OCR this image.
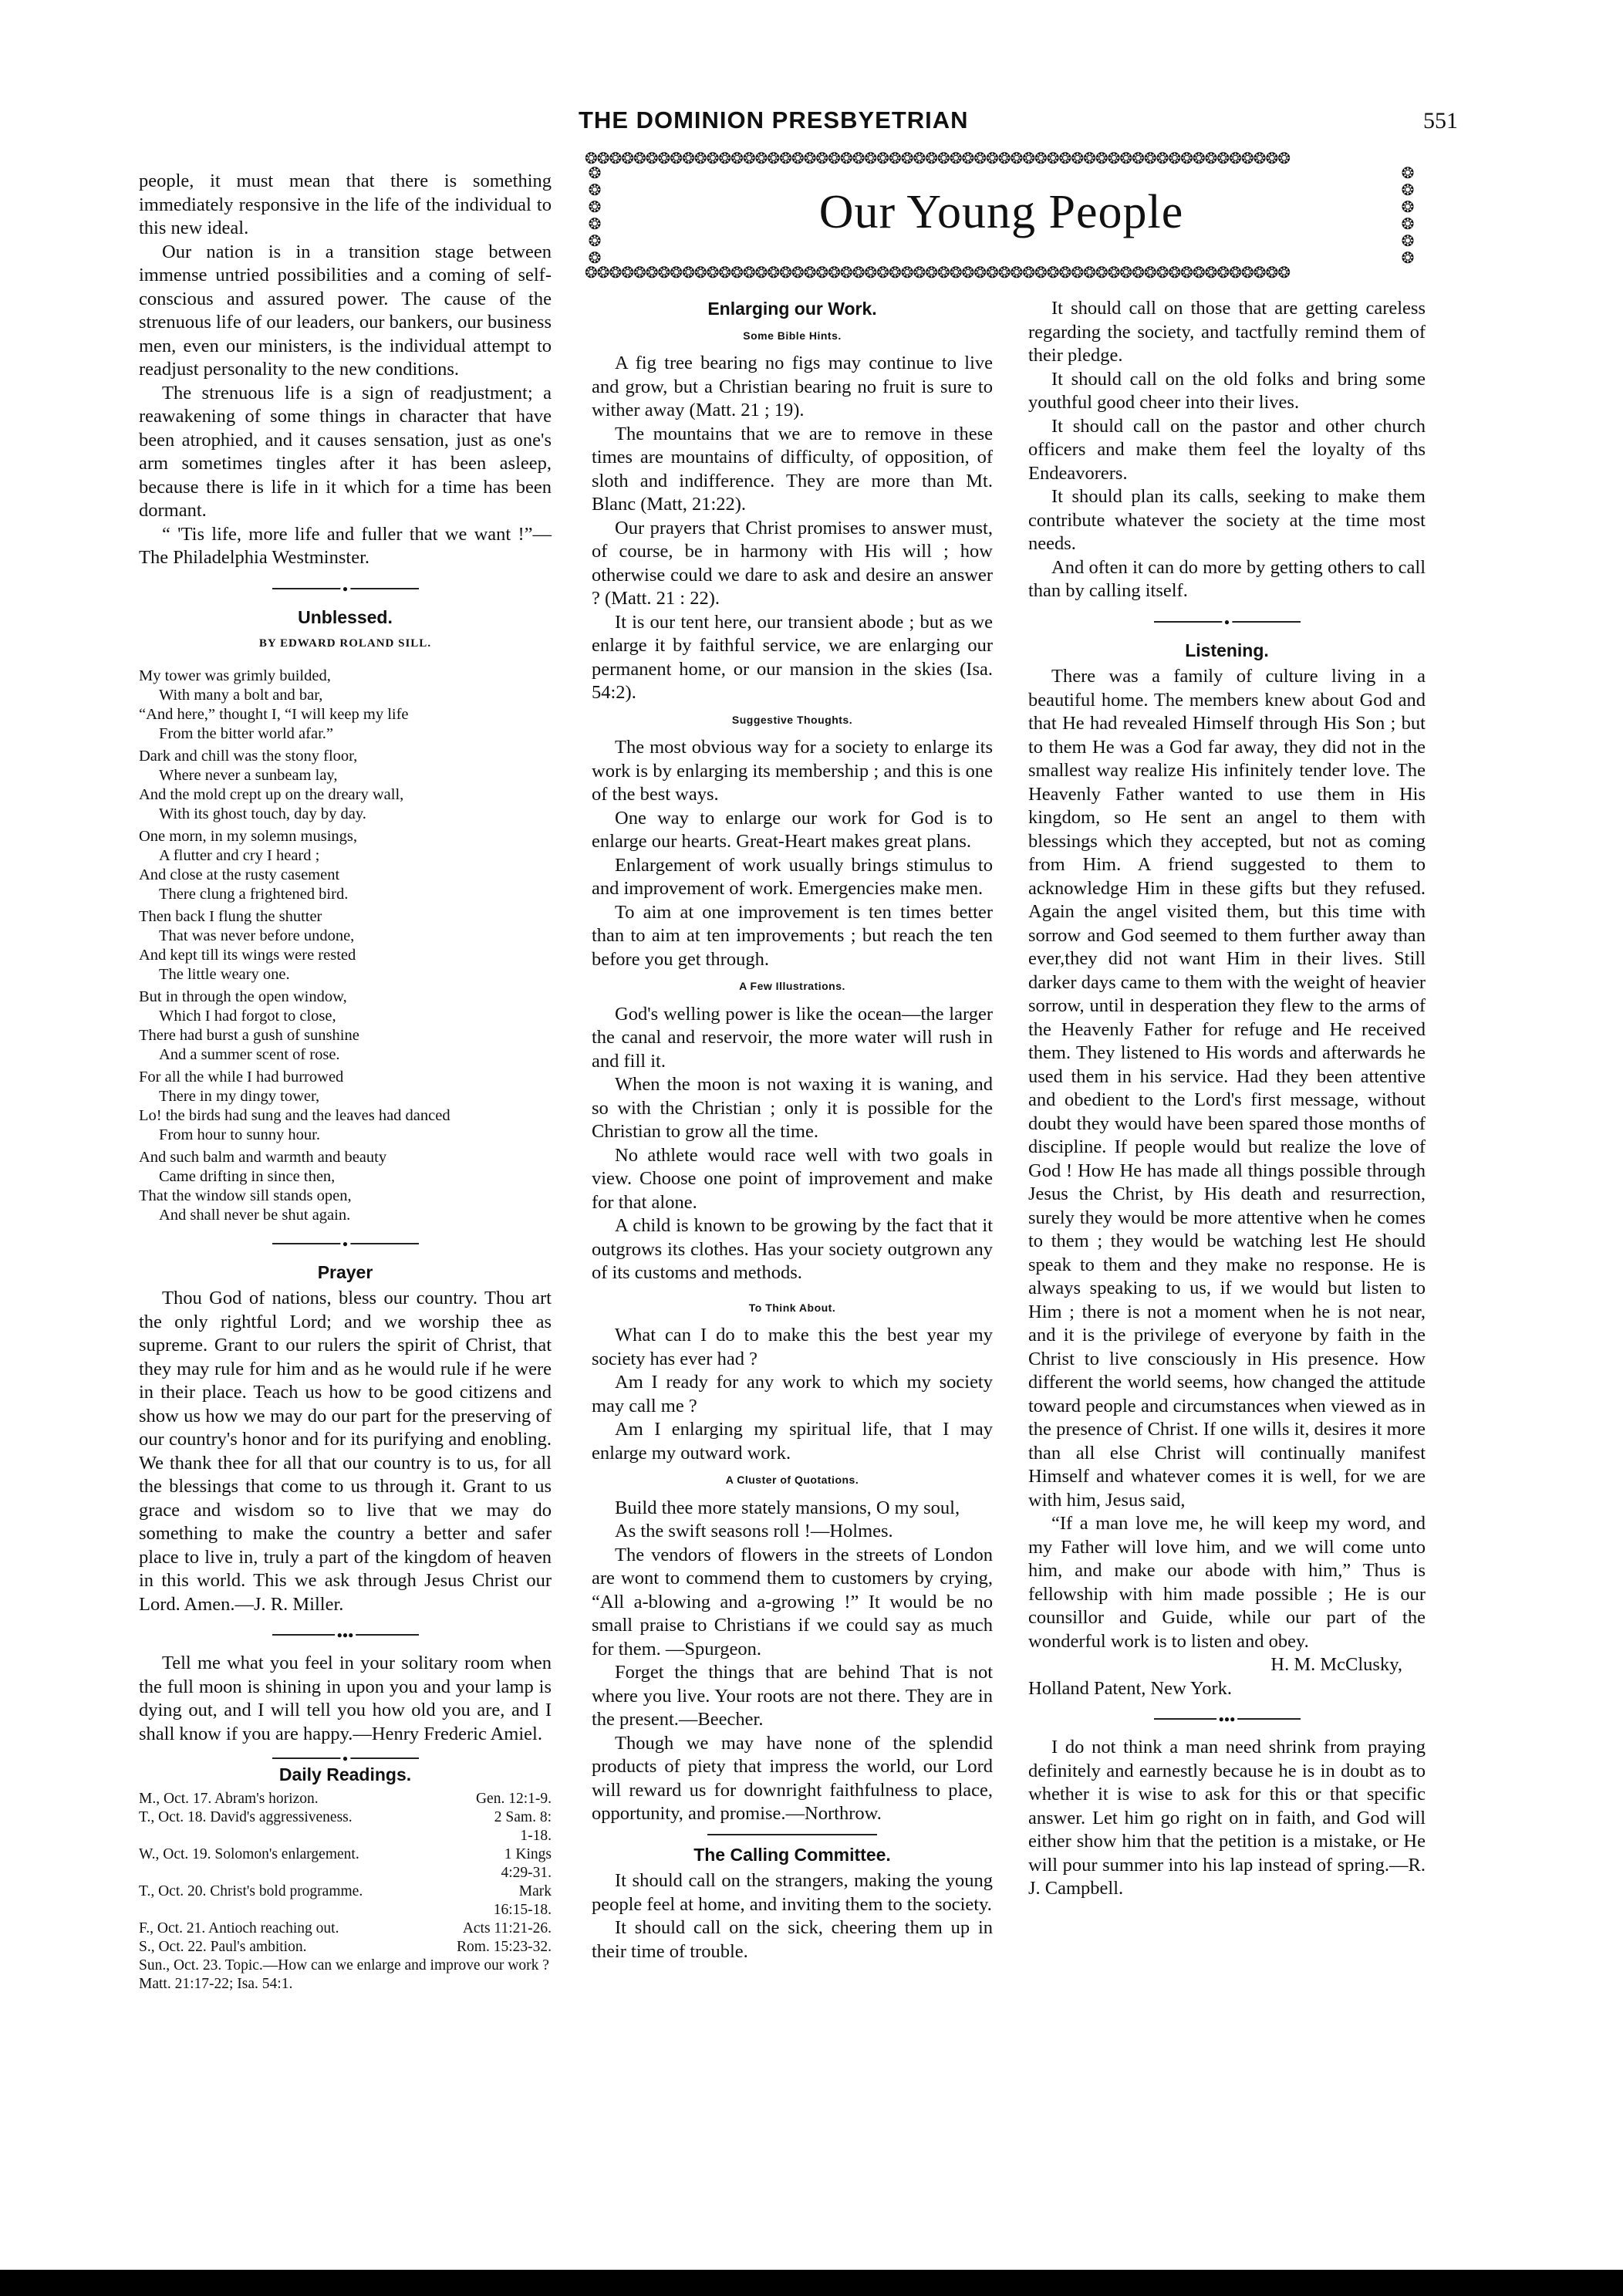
THE DOMINION PRESBYETRIAN	551
❂❂❂❂❂❂❂❂❂❂❂❂❂❂❂❂❂❂❂❂❂❂❂❂❂❂❂❂❂❂❂❂❂❂❂❂❂❂❂❂❂❂❂❂❂❂❂❂❂❂❂❂❂❂❂❂❂❂
❂
❂
❂
❂
❂
❂
❂
❂
❂
❂
❂
❂
❂❂❂❂❂❂❂❂❂❂❂❂❂❂❂❂❂❂❂❂❂❂❂❂❂❂❂❂❂❂❂❂❂❂❂❂❂❂❂❂❂❂❂❂❂❂❂❂❂❂❂❂❂❂❂❂❂❂
Our Young People

people, it must mean that there is something immediately responsive in the life of the individual to this new ideal.

Our nation is in a transition stage between immense untried possibilities and a coming of self-conscious and assured power. The cause of the strenuous life of our leaders, our bankers, our business men, even our ministers, is the individual attempt to readjust personality to the new conditions.

The strenuous life is a sign of readjustment; a reawakening of some things in character that have been atrophied, and it causes sensation, just as one's arm sometimes tingles after it has been asleep, because there is life in it which for a time has been dormant.

“ 'Tis life, more life and fuller that we want !”—The Philadelphia Westminster.

●
Unblessed.
BY EDWARD ROLAND SILL.
My tower was grimly builded,
With many a bolt and bar,
“And here,” thought I, “I will keep my life
From the bitter world afar.”
Dark and chill was the stony floor,
Where never a sunbeam lay,
And the mold crept up on the dreary wall,
With its ghost touch, day by day.
One morn, in my solemn musings,
A flutter and cry I heard ;
And close at the rusty casement
There clung a frightened bird.
Then back I flung the shutter
That was never before undone,
And kept till its wings were rested
The little weary one.
But in through the open window,
Which I had forgot to close,
There had burst a gush of sunshine
And a summer scent of rose.
For all the while I had burrowed
There in my dingy tower,
Lo! the birds had sung and the leaves had danced
From hour to sunny hour.
And such balm and warmth and beauty
Came drifting in since then,
That the window sill stands open,
And shall never be shut again.
●
Prayer

Thou God of nations, bless our country. Thou art the only rightful Lord; and we worship thee as supreme. Grant to our rulers the spirit of Christ, that they may rule for him and as he would rule if he were in their place. Teach us how to be good citizens and show us how we may do our part for the preserving of our country's honor and for its purifying and enobling. We thank thee for all that our country is to us, for all the blessings that come to us through it. Grant to us grace and wisdom so to live that we may do something to make the country a better and safer place to live in, truly a part of the kingdom of heaven in this world. This we ask through Jesus Christ our Lord. Amen.—J. R. Miller.

●●●

Tell me what you feel in your solitary room when the full moon is shining in upon you and your lamp is dying out, and I will tell you how old you are, and I shall know if you are happy.—Henry Frederic Amiel.

●
Daily Readings.
M., Oct. 17. Abram's horizon.	Gen. 12:1-9.
T., Oct. 18. David's aggressiveness.	2 Sam. 8:
1-18.
W., Oct. 19. Solomon's enlargement.	1 Kings
4:29-31.
T., Oct. 20. Christ's bold programme.	Mark
16:15-18.
F., Oct. 21. Antioch reaching out.	Acts 11:21-26.
S., Oct. 22. Paul's ambition.	Rom. 15:23-32.
Sun., Oct. 23. Topic.—How can we enlarge and improve our work ? Matt. 21:17-22; Isa. 54:1.
Enlarging our Work.
Some Bible Hints.

A fig tree bearing no figs may continue to live and grow, but a Christian bearing no fruit is sure to wither away (Matt. 21 ; 19).

The mountains that we are to remove in these times are mountains of difficulty, of opposition, of sloth and indifference. They are more than Mt. Blanc (Matt, 21:22).

Our prayers that Christ promises to answer must, of course, be in harmony with His will ; how otherwise could we dare to ask and desire an answer ? (Matt. 21 : 22).

It is our tent here, our transient abode ; but as we enlarge it by faithful service, we are enlarging our permanent home, or our mansion in the skies (Isa. 54:2).

Suggestive Thoughts.

The most obvious way for a society to enlarge its work is by enlarging its membership ; and this is one of the best ways.

One way to enlarge our work for God is to enlarge our hearts. Great-Heart makes great plans.

Enlargement of work usually brings stimulus to and improvement of work. Emergencies make men.

To aim at one improvement is ten times better than to aim at ten improvements ; but reach the ten before you get through.

A Few Illustrations.

God's welling power is like the ocean—the larger the canal and reservoir, the more water will rush in and fill it.

When the moon is not waxing it is waning, and so with the Christian ; only it is possible for the Christian to grow all the time.

No athlete would race well with two goals in view. Choose one point of improvement and make for that alone.

A child is known to be growing by the fact that it outgrows its clothes. Has your society outgrown any of its customs and methods.

To Think About.

What can I do to make this the best year my society has ever had ?

Am I ready for any work to which my society may call me ?

Am I enlarging my spiritual life, that I may enlarge my outward work.

A Cluster of Quotations.

Build thee more stately mansions, O my soul,

As the swift seasons roll !—Holmes.

The vendors of flowers in the streets of London are wont to commend them to customers by crying, “All a-blowing and a-growing !” It would be no small praise to Christians if we could say as much for them. —Spurgeon.

Forget the things that are behind That is not where you live. Your roots are not there. They are in the present.—Beecher.

Though we may have none of the splendid products of piety that impress the world, our Lord will reward us for downright faithfulness to place, opportunity, and promise.—Northrow.

The Calling Committee.

It should call on the strangers, making the young people feel at home, and inviting them to the society.

It should call on the sick, cheering them up in their time of trouble.

It should call on those that are getting careless regarding the society, and tactfully remind them of their pledge.

It should call on the old folks and bring some youthful good cheer into their lives.

It should call on the pastor and other church officers and make them feel the loyalty of ths Endeavorers.

It should plan its calls, seeking to make them contribute whatever the society at the time most needs.

And often it can do more by getting others to call than by calling itself.

●
Listening.

There was a family of culture living in a beautiful home. The members knew about God and that He had revealed Himself through His Son ; but to them He was a God far away, they did not in the smallest way realize His infinitely tender love. The Heavenly Father wanted to use them in His kingdom, so He sent an angel to them with blessings which they accepted, but not as coming from Him. A friend suggested to them to acknowledge Him in these gifts but they refused. Again the angel visited them, but this time with sorrow and God seemed to them further away than ever,they did not want Him in their lives. Still darker days came to them with the weight of heavier sorrow, until in desperation they flew to the arms of the Heavenly Father for refuge and He received them. They listened to His words and afterwards he used them in his service. Had they been attentive and obedient to the Lord's first message, without doubt they would have been spared those months of discipline. If people would but realize the love of God ! How He has made all things possible through Jesus the Christ, by His death and resurrection, surely they would be more attentive when he comes to them ; they would be watching lest He should speak to them and they make no response. He is always speaking to us, if we would but listen to Him ; there is not a moment when he is not near, and it is the privilege of everyone by faith in the Christ to live consciously in His presence. How different the world seems, how changed the attitude toward people and circumstances when viewed as in the presence of Christ. If one wills it, desires it more than all else Christ will continually manifest Himself and whatever comes it is well, for we are with him, Jesus said,

“If a man love me, he will keep my word, and my Father will love him, and we will come unto him, and make our abode with him,” Thus is fellowship with him made possible ; He is our counsillor and Guide, while our part of the wonderful work is to listen and obey.

H. M. McClusky,
Holland Patent, New York.
●●●

I do not think a man need shrink from praying definitely and earnestly because he is in doubt as to whether it is wise to ask for this or that specific answer. Let him go right on in faith, and God will either show him that the petition is a mistake, or He will pour summer into his lap instead of spring.—R. J. Campbell.
